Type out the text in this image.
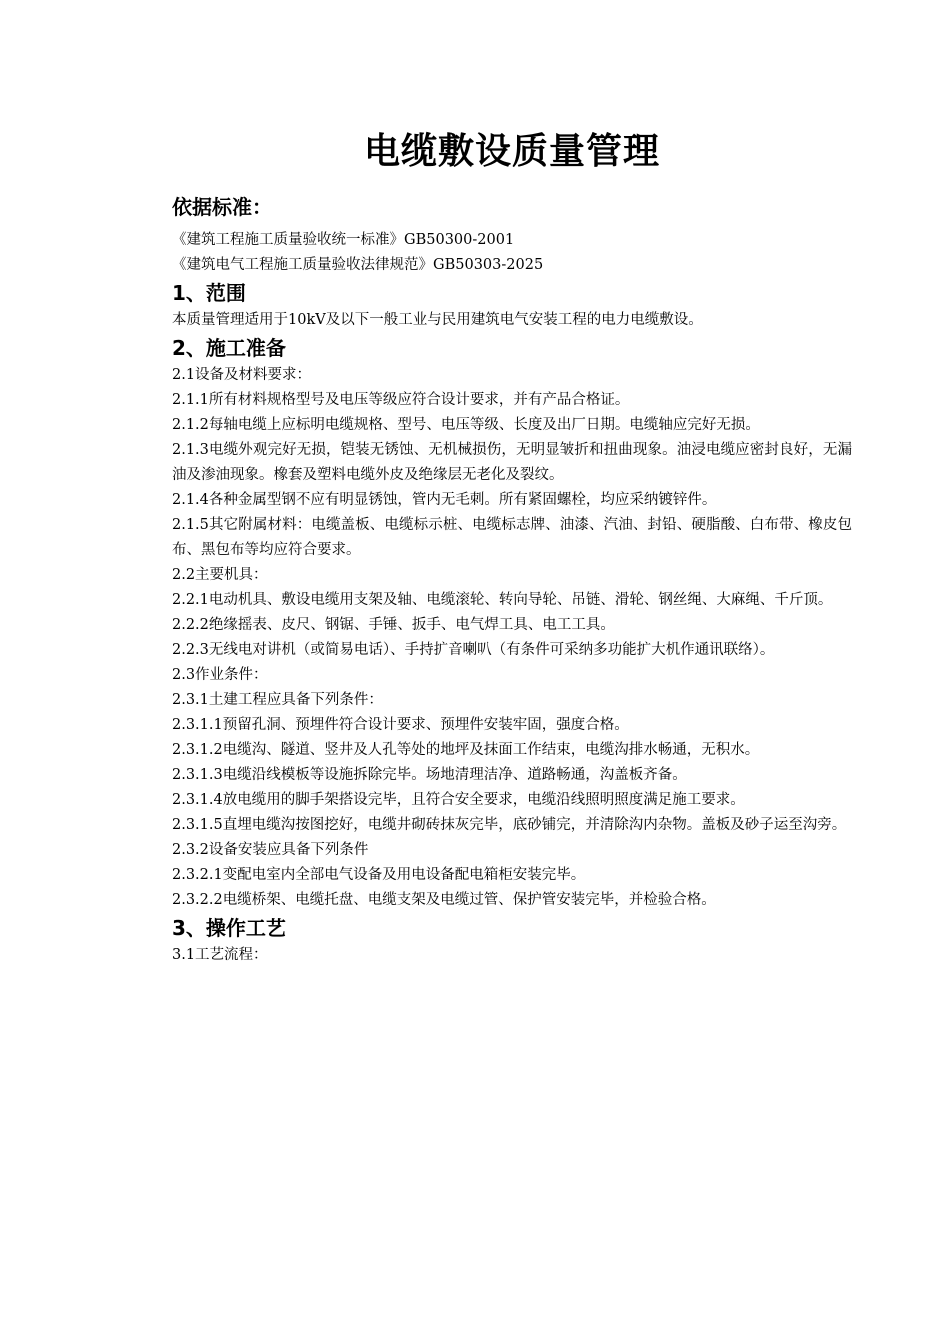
电缆敷设质量管理
依据标准：

《建筑工程施工质量验收统一标准》GB50300-2001

《建筑电气工程施工质量验收法律规范》GB50303-2025

1、范围

本质量管理适用于10kV及以下一般工业与民用建筑电气安装工程的电力电缆敷设。

2、施工准备

2.1设备及材料要求：

2.1.1所有材料规格型号及电压等级应符合设计要求，并有产品合格证。

2.1.2每轴电缆上应标明电缆规格、型号、电压等级、长度及出厂日期。电缆轴应完好无损。

2.1.3电缆外观完好无损，铠装无锈蚀、无机械损伤，无明显皱折和扭曲现象。油浸电缆应密封良好，无漏油及渗油现象。橡套及塑料电缆外皮及绝缘层无老化及裂纹。

2.1.4各种金属型钢不应有明显锈蚀，管内无毛刺。所有紧固螺栓，均应采纳镀锌件。

2.1.5其它附属材料：电缆盖板、电缆标示桩、电缆标志牌、油漆、汽油、封铅、硬脂酸、白布带、橡皮包布、黑包布等均应符合要求。

2.2主要机具：

2.2.1电动机具、敷设电缆用支架及轴、电缆滚轮、转向导轮、吊链、滑轮、钢丝绳、大麻绳、千斤顶。

2.2.2绝缘摇表、皮尺、钢锯、手锤、扳手、电气焊工具、电工工具。

2.2.3无线电对讲机（或简易电话）、手持扩音喇叭（有条件可采纳多功能扩大机作通讯联络）。

2.3作业条件：

2.3.1土建工程应具备下列条件：

2.3.1.1预留孔洞、预埋件符合设计要求、预埋件安装牢固，强度合格。

2.3.1.2电缆沟、隧道、竖井及人孔等处的地坪及抹面工作结束，电缆沟排水畅通，无积水。

2.3.1.3电缆沿线模板等设施拆除完毕。场地清理洁净、道路畅通，沟盖板齐备。

2.3.1.4放电缆用的脚手架搭设完毕，且符合安全要求，电缆沿线照明照度满足施工要求。

2.3.1.5直埋电缆沟按图挖好，电缆井砌砖抹灰完毕，底砂铺完，并清除沟内杂物。盖板及砂子运至沟旁。

2.3.2设备安装应具备下列条件

2.3.2.1变配电室内全部电气设备及用电设备配电箱柜安装完毕。

2.3.2.2电缆桥架、电缆托盘、电缆支架及电缆过管、保护管安装完毕，并检验合格。

3、操作工艺

3.1工艺流程：
